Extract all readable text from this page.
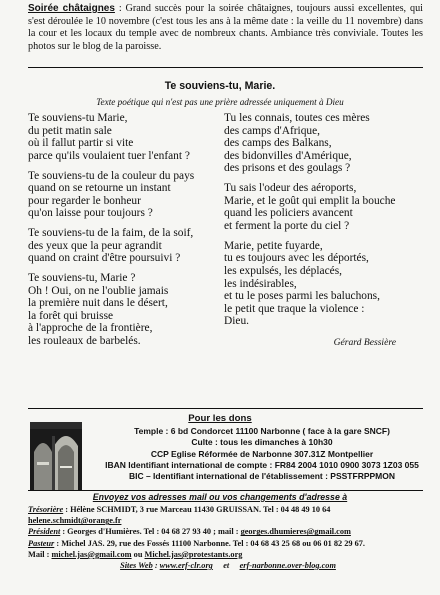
Soirée châtaignes : Grand succès pour la soirée châtaignes, toujours aussi excellentes, qui s'est déroulée le 10 novembre (c'est tous les ans à la même date : la veille du 11 novembre) dans la cour et les locaux du temple avec de nombreux chants. Ambiance très conviviale. Toutes les photos sur le blog de la paroisse.
Te souviens-tu, Marie.
Texte poétique qui n'est pas une prière adressée uniquement à Dieu
Te souviens-tu Marie,
du petit matin sale
où il fallut partir si vite
parce qu'ils voulaient tuer l'enfant ?
Te souviens-tu de la couleur du pays
quand on se retourne un instant
pour regarder le bonheur
qu'on laisse pour toujours ?
Te souviens-tu de la faim, de la soif,
des yeux que la peur agrandit
quand on craint d'être poursuivi ?
Te souviens-tu, Marie ?
Oh ! Oui, on ne l'oublie jamais
la première nuit dans le désert,
la forêt qui bruisse
à l'approche de la frontière,
les rouleaux de barbelés.
Tu les connais, toutes ces mères
des camps d'Afrique,
des camps des Balkans,
des bidonvilles d'Amérique,
des prisons et des goulags ?
Tu sais l'odeur des aéroports,
Marie, et le goût qui emplit la bouche
quand les policiers avancent
et ferment la porte du ciel ?
Marie, petite fuyarde,
tu es toujours avec les déportés,
les expulsés, les déplacés,
les indésirables,
et tu le poses parmi les baluchons,
le petit que traque la violence :
Dieu.
Gérard Bessière
Pour les dons
Temple : 6 bd Condorcet 11100 Narbonne ( face à la gare SNCF)
Culte : tous les dimanches à 10h30
CCP Eglise Réformée de Narbonne 307.31Z Montpellier
IBAN Identifiant international de compte : FR84 2004 1010 0900 3073 1Z03 055
BIC – Identifiant international de l'établissement : PSSTFRPPMON
Envoyez vos adresses mail ou vos changements d'adresse à
Trésorière : Hélène SCHMIDT, 3 rue Marceau 11430 GRUISSAN. Tel : 04 48 49 10 64
helene.schmidt@orange.fr
Président : Georges d'Humières. Tel : 04 68 27 93 40 ; mail : georges.dhumieres@gmail.com
Pasteur : Michel JAS. 29, rue des Fossés 11100 Narbonne. Tel : 04 68 43 25 68 ou 06 01 82 29 67.
Mail : michel.jas@gmail.com ou Michel.jas@protestants.org
Sites Web : www.erf-clr.org     et     erf-narbonne.over-blog.com
